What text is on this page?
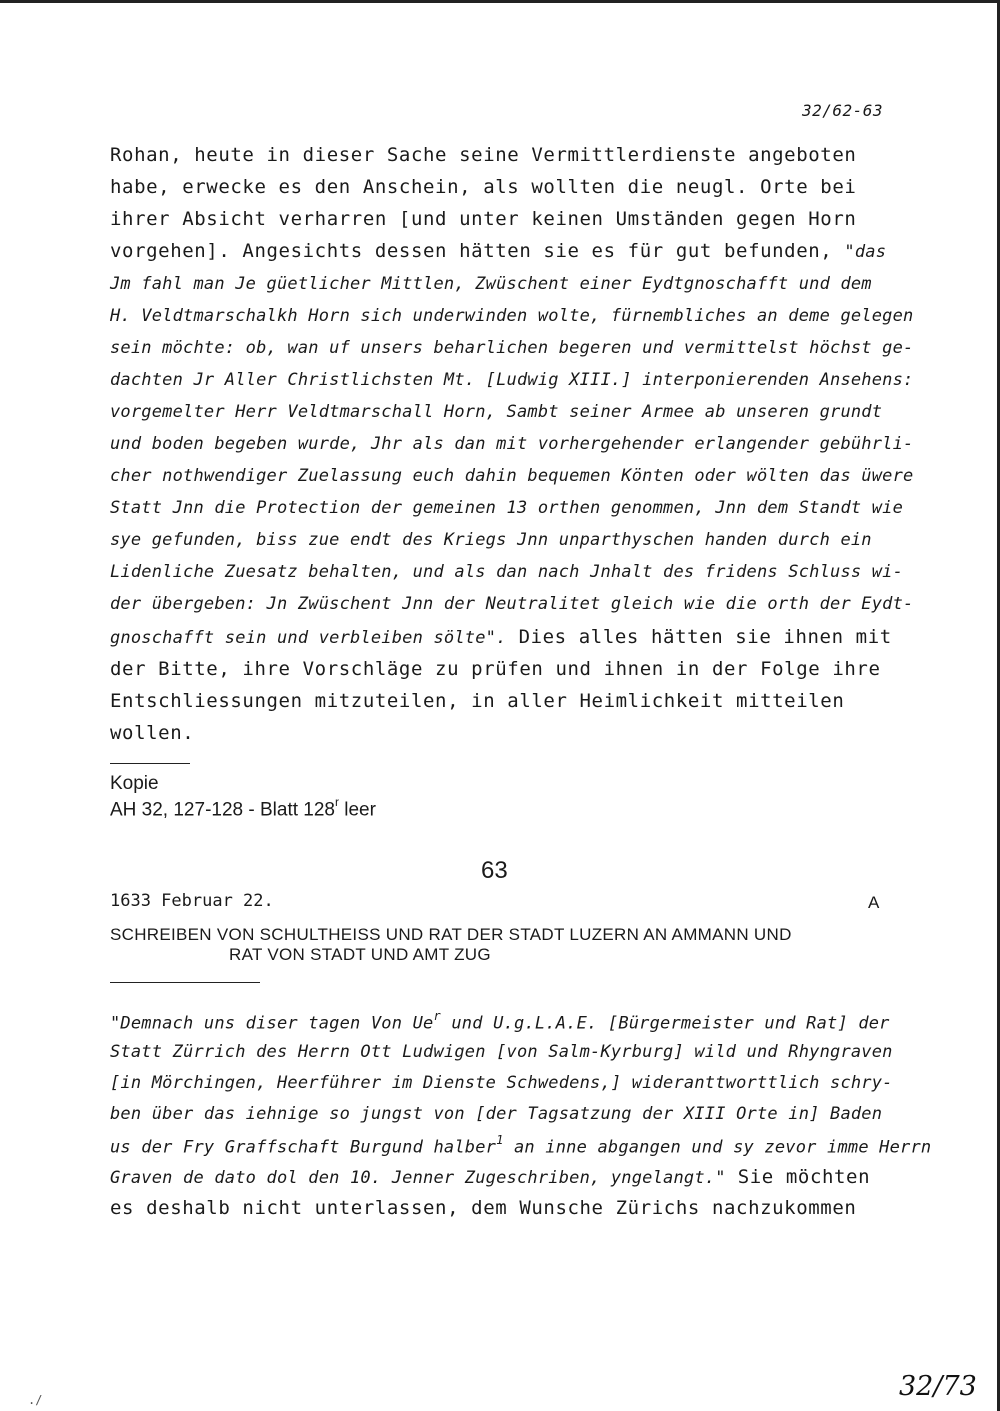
32/62-63
Rohan, heute in dieser Sache seine Vermittlerdienste angeboten
habe, erwecke es den Anschein, als wollten die neugl. Orte bei
ihrer Absicht verharren [und unter keinen Umständen gegen Horn
vorgehen]. Angesichts dessen hätten sie es für gut befunden, "das
Jm fahl man Je güetlicher Mittlen, Zwüschent einer Eydtgnoschafft und dem
H. Veldtmarschalkh Horn sich underwinden wolte, fürnembliches an deme gelegen
sein möchte: ob, wan uf unsers beharlichen begeren und vermittelst höchst ge-
dachten Jr Aller Christlichsten Mt. [Ludwig XIII.] interponierenden Ansehens:
vorgemelter Herr Veldtmarschall Horn, Sambt seiner Armee ab unseren grundt
und boden begeben wurde, Jhr als dan mit vorhergehender erlangender gebührli-
cher nothwendiger Zuelassung euch dahin bequemen Könten oder wölten das üwere
Statt Jnn die Protection der gemeinen 13 orthen genommen, Jnn dem Standt wie
sye gefunden, biss zue endt des Kriegs Jnn unparthyschen handen durch ein
Lidenliche Zuesatz behalten, und als dan nach Jnhalt des fridens Schluss wi-
der übergeben: Jn Zwüschent Jnn der Neutralitet gleich wie die orth der Eydt-
gnoschafft sein und verbleiben sölte". Dies alles hätten sie ihnen mit
der Bitte, ihre Vorschläge zu prüfen und ihnen in der Folge ihre
Entschliessungen mitzuteilen, in aller Heimlichkeit mitteilen
wollen.
Kopie
AH 32, 127-128 - Blatt 128$^r$ leer
63
1633 Februar 22.	A
SCHREIBEN VON SCHULTHEISS UND RAT DER STADT LUZERN AN AMMANN UND
RAT VON STADT UND AMT ZUG
"Demnach uns diser tagen Von Ue$^r$ und U.g.L.A.E. [Bürgermeister und Rat] der
Statt Zürrich des Herrn Ott Ludwigen [von Salm-Kyrburg] wild und Rhyngraven
[in Mörchingen, Heerführer im Dienste Schwedens,] wideranttworttlich schry-
ben über das iehnige so jungst von [der Tagsatzung der XIII Orte in] Baden
us der Fry Graffschaft Burgund halber$^1$ an inne abgangen und sy zevor imme Herrn
Graven de dato dol den 10. Jenner Zugeschriben, yngelangt." Sie möchten
es deshalb nicht unterlassen, dem Wunsche Zürichs nachzukommen
32/73
./
